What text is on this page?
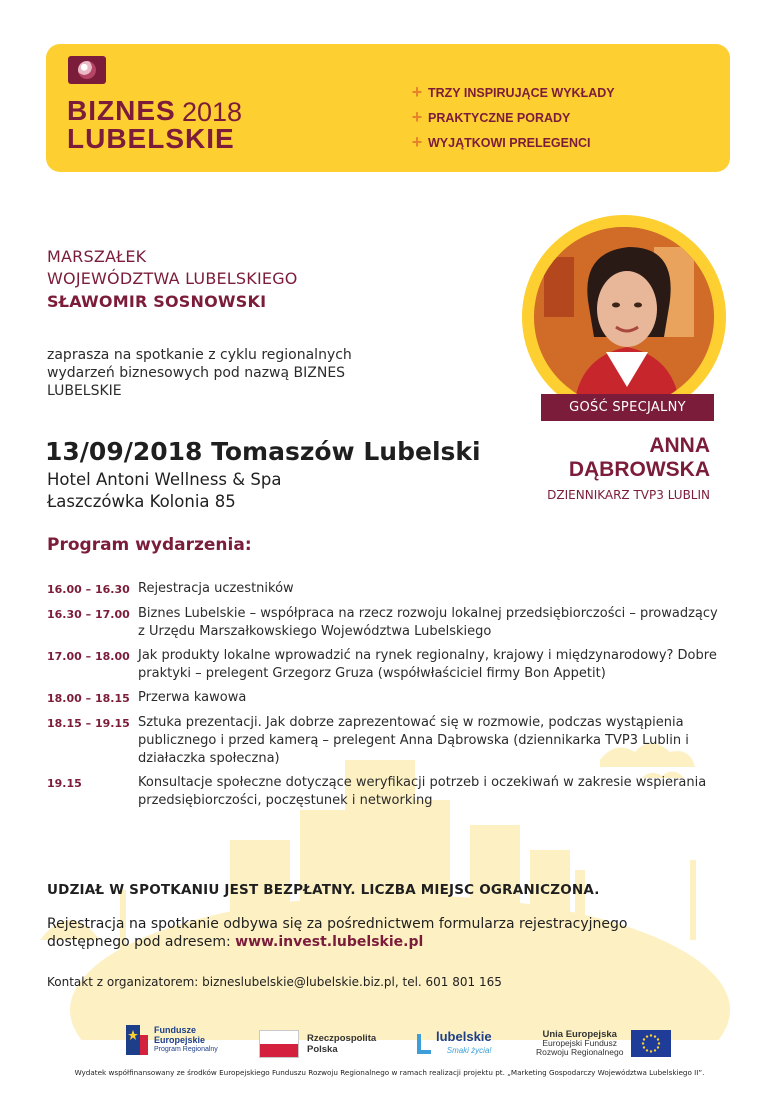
BIZNES 2018
LUBELSKIE
+ TRZY INSPIRUJĄCE WYKŁADY
+ PRAKTYCZNE PORADY
+ WYJĄTKOWI PRELEGENCI
MARSZAŁEK
WOJEWÓDZTWA LUBELSKIEGO
SŁAWOMIR SOSNOWSKI
zaprasza na spotkanie z cyklu regionalnych wydarzeń biznesowych pod nazwą BIZNES LUBELSKIE
13/09/2018 Tomaszów Lubelski
Hotel Antoni Wellness & Spa
Łaszczówka Kolonia 85
GOŚĆ SPECJALNY
ANNA
DĄBROWSKA
DZIENNIKARZ TVP3 LUBLIN
Program wydarzenia:
16.00 – 16.30 Rejestracja uczestników
16.30 – 17.00 Biznes Lubelskie – współpraca na rzecz rozwoju lokalnej przedsiębiorczości – prowadzący z Urzędu Marszałkowskiego Województwa Lubelskiego
17.00 – 18.00 Jak produkty lokalne wprowadzić na rynek regionalny, krajowy i międzynarodowy? Dobre praktyki – prelegent Grzegorz Gruza (współwłaściciel firmy Bon Appetit)
18.00 – 18.15 Przerwa kawowa
18.15 – 19.15 Sztuka prezentacji. Jak dobrze zaprezentować się w rozmowie, podczas wystąpienia publicznego i przed kamerą – prelegent Anna Dąbrowska (dziennikarka TVP3 Lublin i działaczka społeczna)
19.15	Konsultacje społeczne dotyczące weryfikacji potrzeb i oczekiwań w zakresie wspierania przedsiębiorczości, poczęstunek i networking
UDZIAŁ W SPOTKANIU JEST BEZPŁATNY. LICZBA MIEJSC OGRANICZONA.
Rejestracja na spotkanie odbywa się za pośrednictwem formularza rejestracyjnego dostępnego pod adresem: www.invest.lubelskie.pl
Kontakt z organizatorem: bizneslubelskie@lubelskie.biz.pl, tel. 601 801 165
Fundusze
Europejskie
Program Regionalny
Rzeczpospolita
Polska
lubelskie
Smaki życia!
Unia Europejska
Europejski Fundusz
Rozwoju Regionalnego
Wydatek współfinansowany ze środków Europejskiego Funduszu Rozwoju Regionalnego w ramach realizacji projektu pt. „Marketing Gospodarczy Województwa Lubelskiego II”.
